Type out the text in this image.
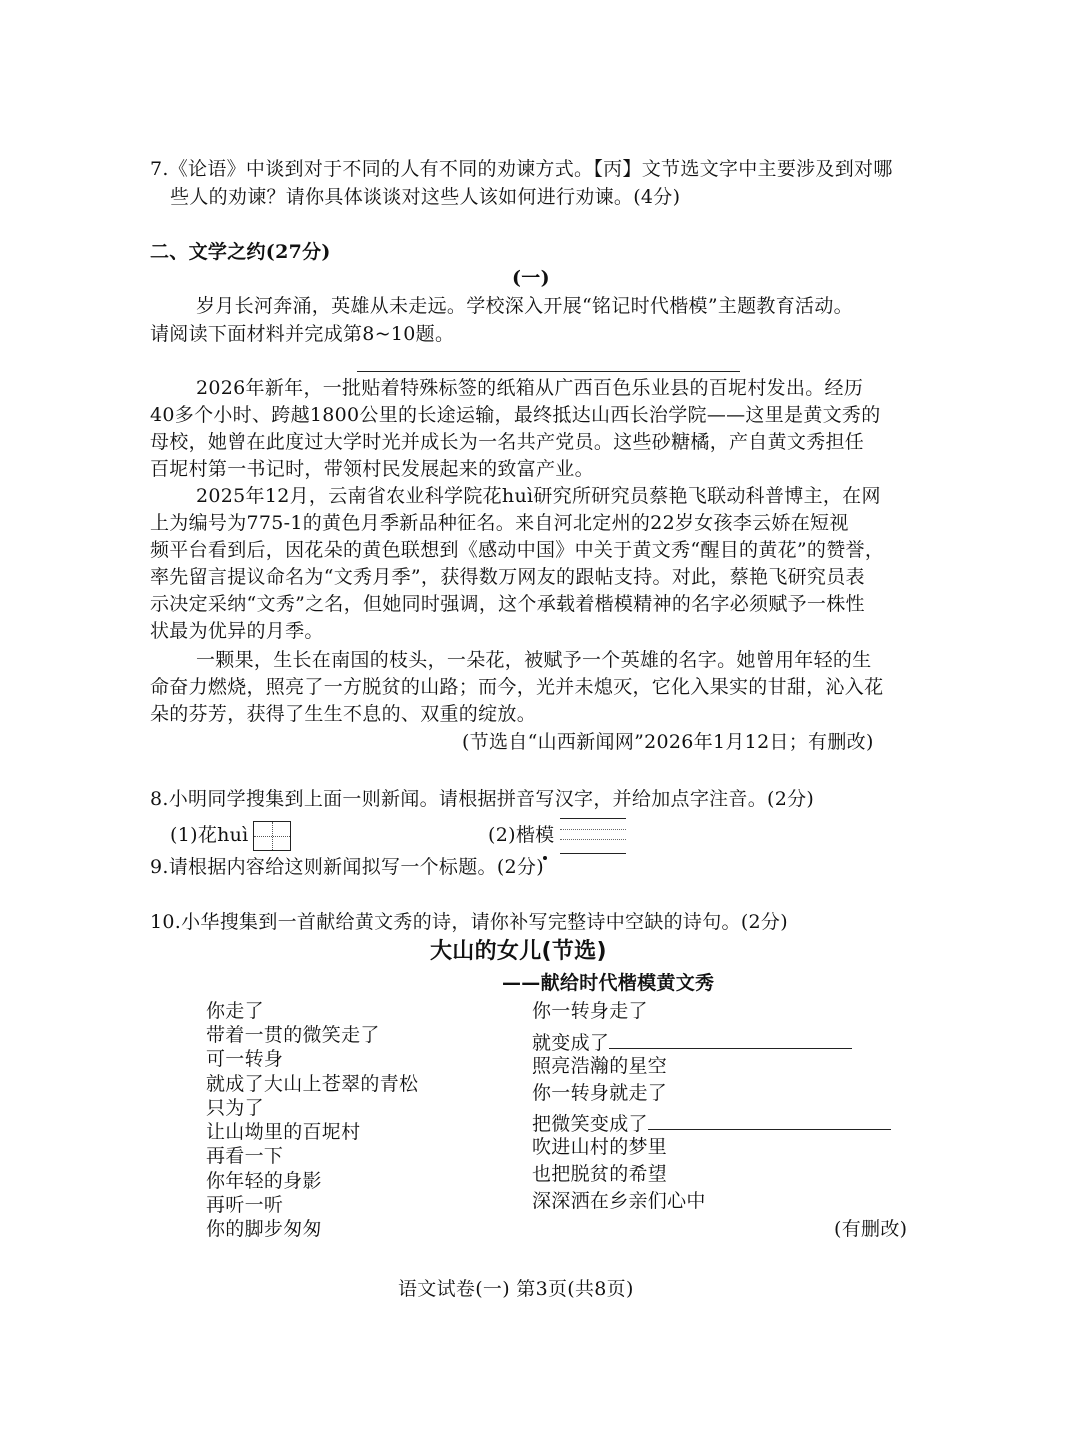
7.《论语》中谈到对于不同的人有不同的劝谏方式。【丙】文节选文字中主要涉及到对哪
些人的劝谏？请你具体谈谈对这些人该如何进行劝谏。(4分)
二、文学之约(27分)
(一)
岁月长河奔涌，英雄从未走远。学校深入开展“铭记时代楷模”主题教育活动。
请阅读下面材料并完成第8~10题。
2026年新年，一批贴着特殊标签的纸箱从广西百色乐业县的百坭村发出。经历
40多个小时、跨越1800公里的长途运输，最终抵达山西长治学院——这里是黄文秀的
母校，她曾在此度过大学时光并成长为一名共产党员。这些砂糖橘，产自黄文秀担任
百坭村第一书记时，带领村民发展起来的致富产业。
2025年12月，云南省农业科学院花huì研究所研究员蔡艳飞联动科普博主，在网
上为编号为775-1的黄色月季新品种征名。来自河北定州的22岁女孩李云娇在短视
频平台看到后，因花朵的黄色联想到《感动中国》中关于黄文秀“醒目的黄花”的赞誉，
率先留言提议命名为“文秀月季”，获得数万网友的跟帖支持。对此，蔡艳飞研究员表
示决定采纳“文秀”之名，但她同时强调，这个承载着楷模精神的名字必须赋予一株性
状最为优异的月季。
一颗果，生长在南国的枝头，一朵花，被赋予一个英雄的名字。她曾用年轻的生
命奋力燃烧，照亮了一方脱贫的山路；而今，光并未熄灭，它化入果实的甘甜，沁入花
朵的芬芳，获得了生生不息的、双重的绽放。
(节选自“山西新闻网”2026年1月12日；有删改)
8.小明同学搜集到上面一则新闻。请根据拼音写汉字，并给加点字注音。(2分)
(1)花huì	(2)楷模
9.请根据内容给这则新闻拟写一个标题。(2分)
10.小华搜集到一首献给黄文秀的诗，请你补写完整诗中空缺的诗句。(2分)
大山的女儿(节选)
——献给时代楷模黄文秀
你走了
带着一贯的微笑走了
可一转身
就成了大山上苍翠的青松
只为了
让山坳里的百坭村
再看一下
你年轻的身影
再听一听
你的脚步匆匆
你一转身走了
就变成了
照亮浩瀚的星空
你一转身就走了
把微笑变成了
吹进山村的梦里
也把脱贫的希望
深深洒在乡亲们心中
(有删改)
语文试卷(一) 第3页(共8页)
